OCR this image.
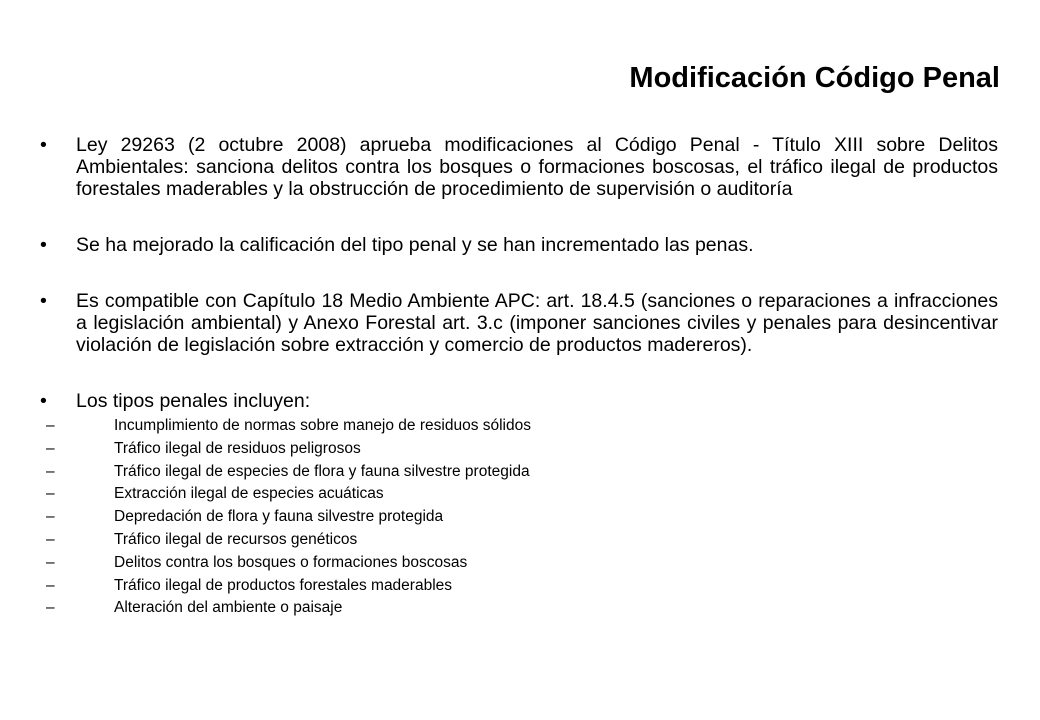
Modificación Código Penal
• Ley 29263 (2 octubre 2008) aprueba modificaciones al Código Penal - Título XIII sobre Delitos Ambientales: sanciona delitos contra los bosques o formaciones boscosas, el tráfico ilegal de productos forestales maderables y la obstrucción de procedimiento de supervisión o auditoría
• Se ha mejorado la calificación del tipo penal y se han incrementado las penas.
• Es compatible con Capítulo 18 Medio Ambiente APC: art. 18.4.5 (sanciones o reparaciones a infracciones a legislación ambiental) y Anexo Forestal art. 3.c (imponer sanciones civiles y penales para desincentivar violación de legislación sobre extracción y comercio de productos madereros).
• Los tipos penales incluyen:
–	Incumplimiento de normas sobre manejo de residuos sólidos
–	Tráfico ilegal de residuos peligrosos
–	Tráfico ilegal de especies de flora y fauna silvestre protegida
–	Extracción ilegal de especies acuáticas
–	Depredación de flora y fauna silvestre protegida
–	Tráfico ilegal de recursos genéticos
–	Delitos contra los bosques o formaciones boscosas
–	Tráfico ilegal de productos forestales maderables
–	Alteración del ambiente o paisaje
